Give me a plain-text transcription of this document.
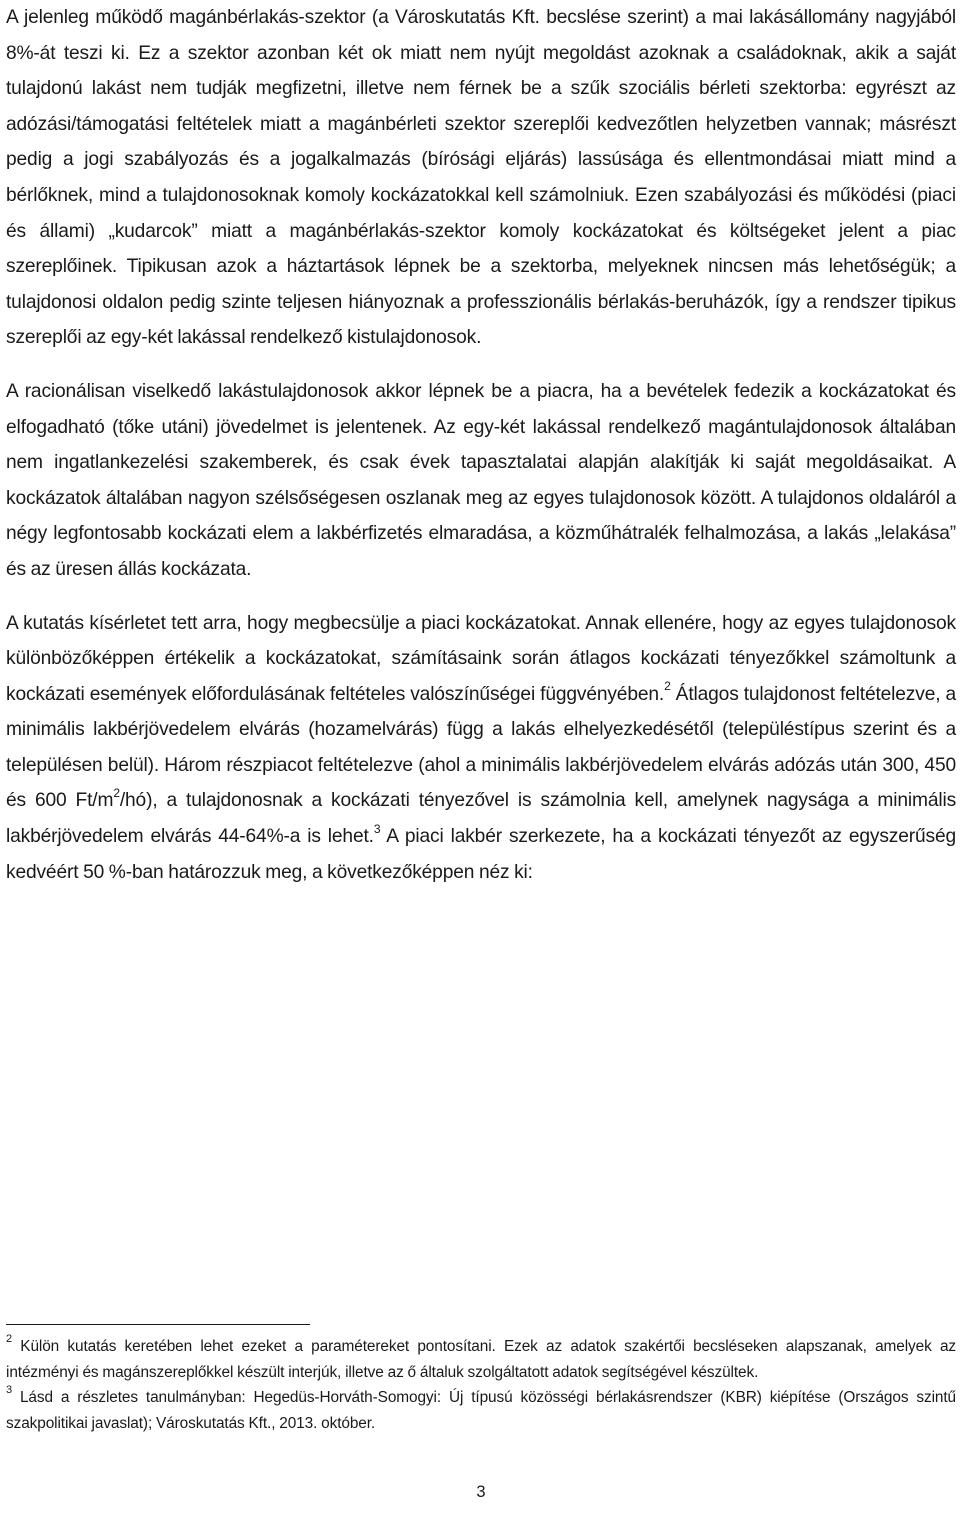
A jelenleg működő magánbérlakás-szektor (a Városkutatás Kft. becslése szerint) a mai lakásállomány nagyjából 8%-át teszi ki. Ez a szektor azonban két ok miatt nem nyújt megoldást azoknak a családoknak, akik a saját tulajdonú lakást nem tudják megfizetni, illetve nem férnek be a szűk szociális bérleti szektorba: egyrészt az adózási/támogatási feltételek miatt a magánbérleti szektor szereplői kedvezőtlen helyzetben vannak; másrészt pedig a jogi szabályozás és a jogalkalmazás (bírósági eljárás) lassúsága és ellentmondásai miatt mind a bérlőknek, mind a tulajdonosoknak komoly kockázatokkal kell számolniuk. Ezen szabályozási és működési (piaci és állami) „kudarcok” miatt a magánbérlakás-szektor komoly kockázatokat és költségeket jelent a piac szereplőinek. Tipikusan azok a háztartások lépnek be a szektorba, melyeknek nincsen más lehetőségük; a tulajdonosi oldalon pedig szinte teljesen hiányoznak a professzionális bérlakás-beruházók, így a rendszer tipikus szereplői az egy-két lakással rendelkező kistulajdonosok.

A racionálisan viselkedő lakástulajdonosok akkor lépnek be a piacra, ha a bevételek fedezik a kockázatokat és elfogadható (tőke utáni) jövedelmet is jelentenek. Az egy-két lakással rendelkező magántulajdonosok általában nem ingatlankezelési szakemberek, és csak évek tapasztalatai alapján alakítják ki saját megoldásaikat. A kockázatok általában nagyon szélsőségesen oszlanak meg az egyes tulajdonosok között. A tulajdonos oldaláról a négy legfontosabb kockázati elem a lakbérfizetés elmaradása, a közműhátralék felhalmozása, a lakás „lelakása” és az üresen állás kockázata.

A kutatás kísérletet tett arra, hogy megbecsülje a piaci kockázatokat. Annak ellenére, hogy az egyes tulajdonosok különbözőképpen értékelik a kockázatokat, számításaink során átlagos kockázati tényezőkkel számoltunk a kockázati események előfordulásának feltételes valószínűségei függvényében.$^2$ Átlagos tulajdonost feltételezve, a minimális lakbérjövedelem elvárás (hozamelvárás) függ a lakás elhelyezkedésétől (településtípus szerint és a településen belül). Három részpiacot feltételezve (ahol a minimális lakbérjövedelem elvárás adózás után 300, 450 és 600 $Ft/m^2/hó$), a tulajdonosnak a kockázati tényezővel is számolnia kell, amelynek nagysága a minimális lakbérjövedelem elvárás 44-64%-a is lehet.$^3$ A piaci lakbér szerkezete, ha a kockázati tényezőt az egyszerűség kedvéért 50 %-ban határozzuk meg, a következőképpen néz ki:

$^2$ Külön kutatás keretében lehet ezeket a paramétereket pontosítani. Ezek az adatok szakértői becsléseken alapszanak, amelyek az intézményi és magánszereplőkkel készült interjúk, illetve az ő általuk szolgáltatott adatok segítségével készültek.

$^3$ Lásd a részletes tanulmányban: Hegedüs-Horváth-Somogyi: Új típusú közösségi bérlakásrendszer (KBR) kiépítése (Országos szintű szakpolitikai javaslat); Városkutatás Kft., 2013. október.

3
